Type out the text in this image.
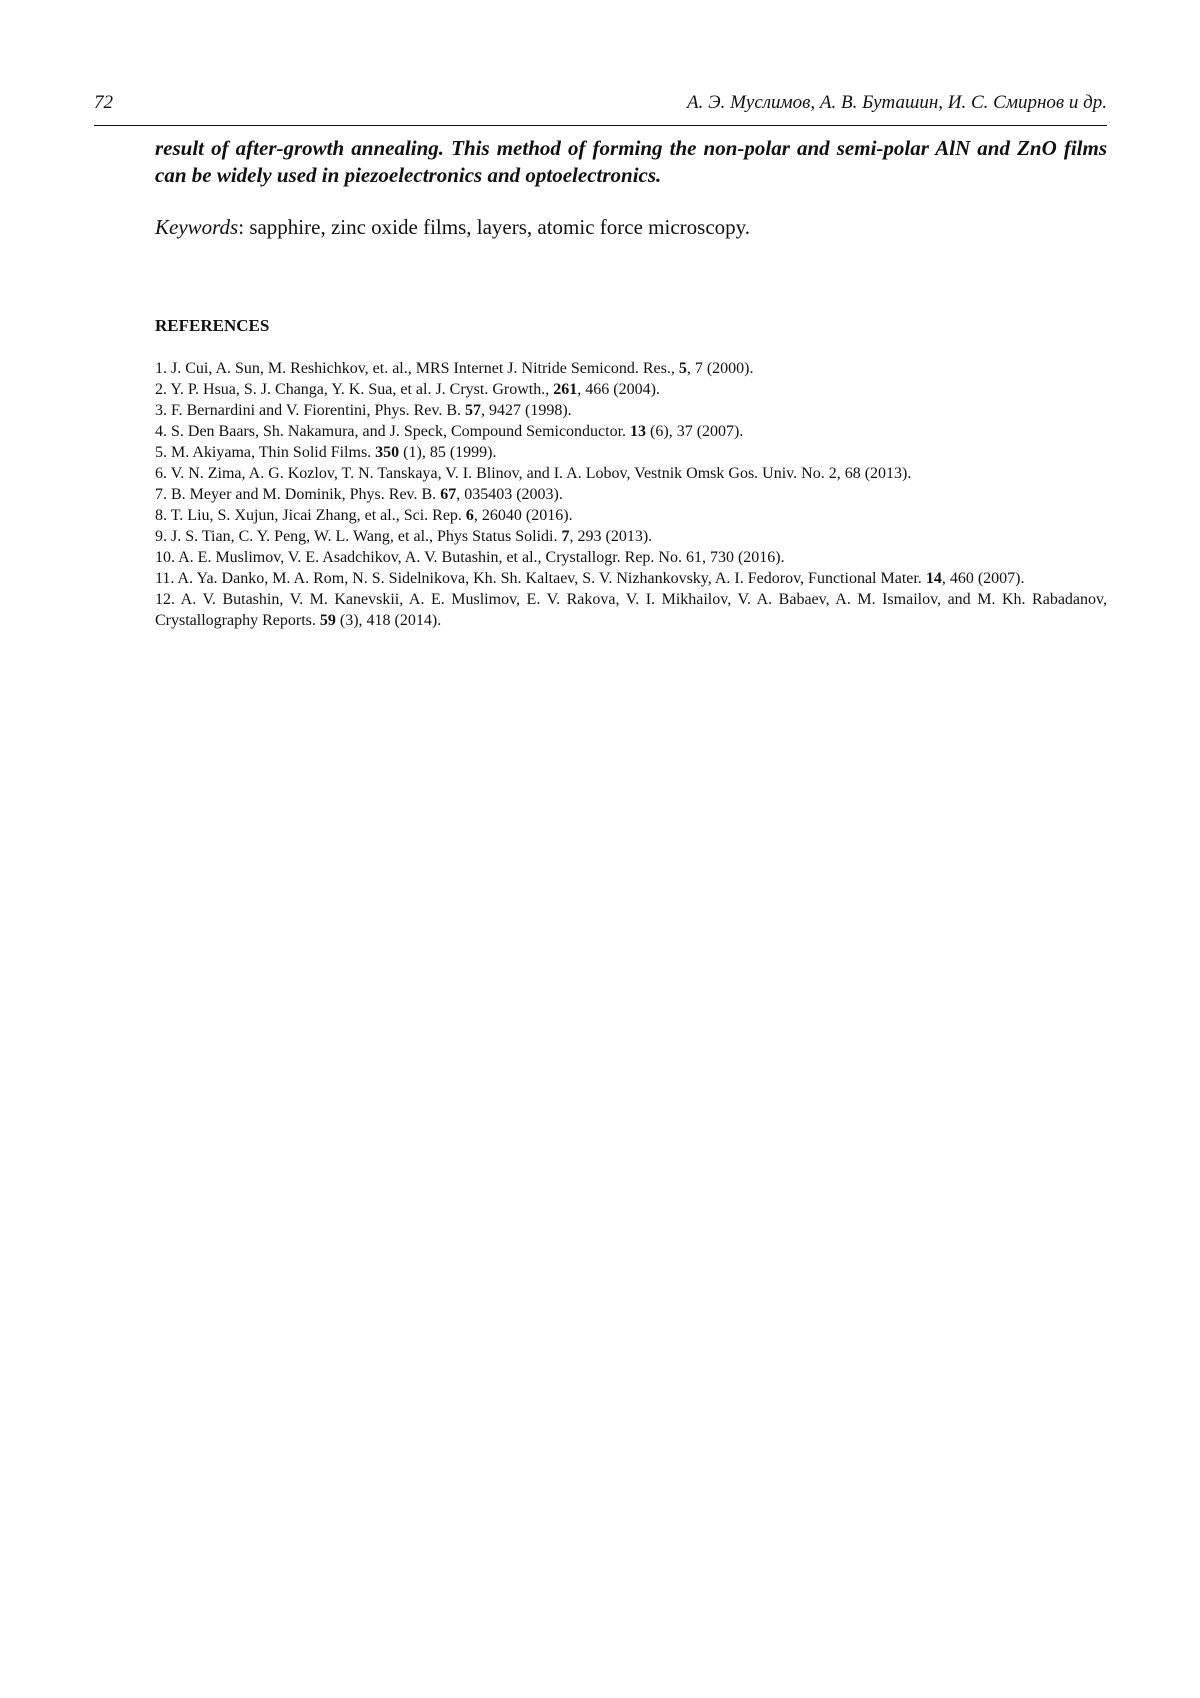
72	А. Э. Муслимов, А. В. Буташин, И. С. Смирнов и др.

result of after-growth annealing. This method of forming the non-polar and semi-polar AlN and ZnO films can be widely used in piezoelectronics and optoelectronics.

Keywords: sapphire, zinc oxide films, layers, atomic force microscopy.

REFERENCES
1. J. Cui, A. Sun, M. Reshichkov, et. al., MRS Internet J. Nitride Semicond. Res., 5, 7 (2000).
2. Y. P. Hsua, S. J. Changa, Y. K. Sua, et al. J. Cryst. Growth., 261, 466 (2004).
3. F. Bernardini and V. Fiorentini, Phys. Rev. B. 57, 9427 (1998).
4. S. Den Baars, Sh. Nakamura, and J. Speck, Compound Semiconductor. 13 (6), 37 (2007).
5. M. Akiyama, Thin Solid Films. 350 (1), 85 (1999).
6. V. N. Zima, A. G. Kozlov, T. N. Tanskaya, V. I. Blinov, and I. A. Lobov, Vestnik Omsk Gos. Univ. No. 2, 68 (2013).
7. B. Meyer and M. Dominik, Phys. Rev. B. 67, 035403 (2003).
8. T. Liu, S. Xujun, Jicai Zhang, et al., Sci. Rep. 6, 26040 (2016).
9. J. S. Tian, C. Y. Peng, W. L. Wang, et al., Phys Status Solidi. 7, 293 (2013).
10. A. E. Muslimov, V. E. Asadchikov, A. V. Butashin, et al., Crystallogr. Rep. No. 61, 730 (2016).
11. A. Ya. Danko, M. A. Rom, N. S. Sidelnikova, Kh. Sh. Kaltaev, S. V. Nizhankovsky, A. I. Fedorov, Functional Mater. 14, 460 (2007).
12. A. V. Butashin, V. M. Kanevskii, A. E. Muslimov, E. V. Rakova, V. I. Mikhailov, V. A. Babaev, A. M. Ismailov, and M. Kh. Rabadanov, Crystallography Reports. 59 (3), 418 (2014).
